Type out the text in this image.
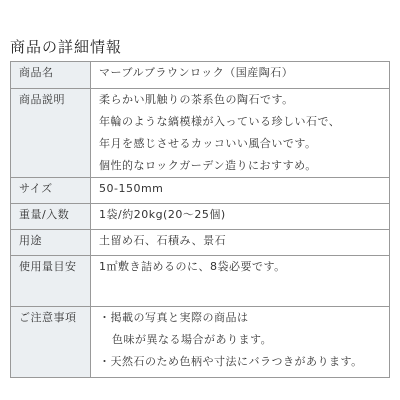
商品の詳細情報
商品名	マーブルブラウンロック（国産陶石）
商品説明	柔らかい肌触りの茶系色の陶石です。
年輪のような縞模様が入っている珍しい石で、
年月を感じさせるカッコいい風合いです。
個性的なロックガーデン造りにおすすめ。

サイズ	50-150mm
重量/入数	1袋/約20kg(20〜25個)
用途	土留め石、石積み、景石
使用量目安	1㎡敷き詰めるのに、8袋必要です。
ご注意事項	・掲載の写真と実際の商品は
色味が異なる場合があります。
・天然石のため色柄や寸法にバラつきがあります。
